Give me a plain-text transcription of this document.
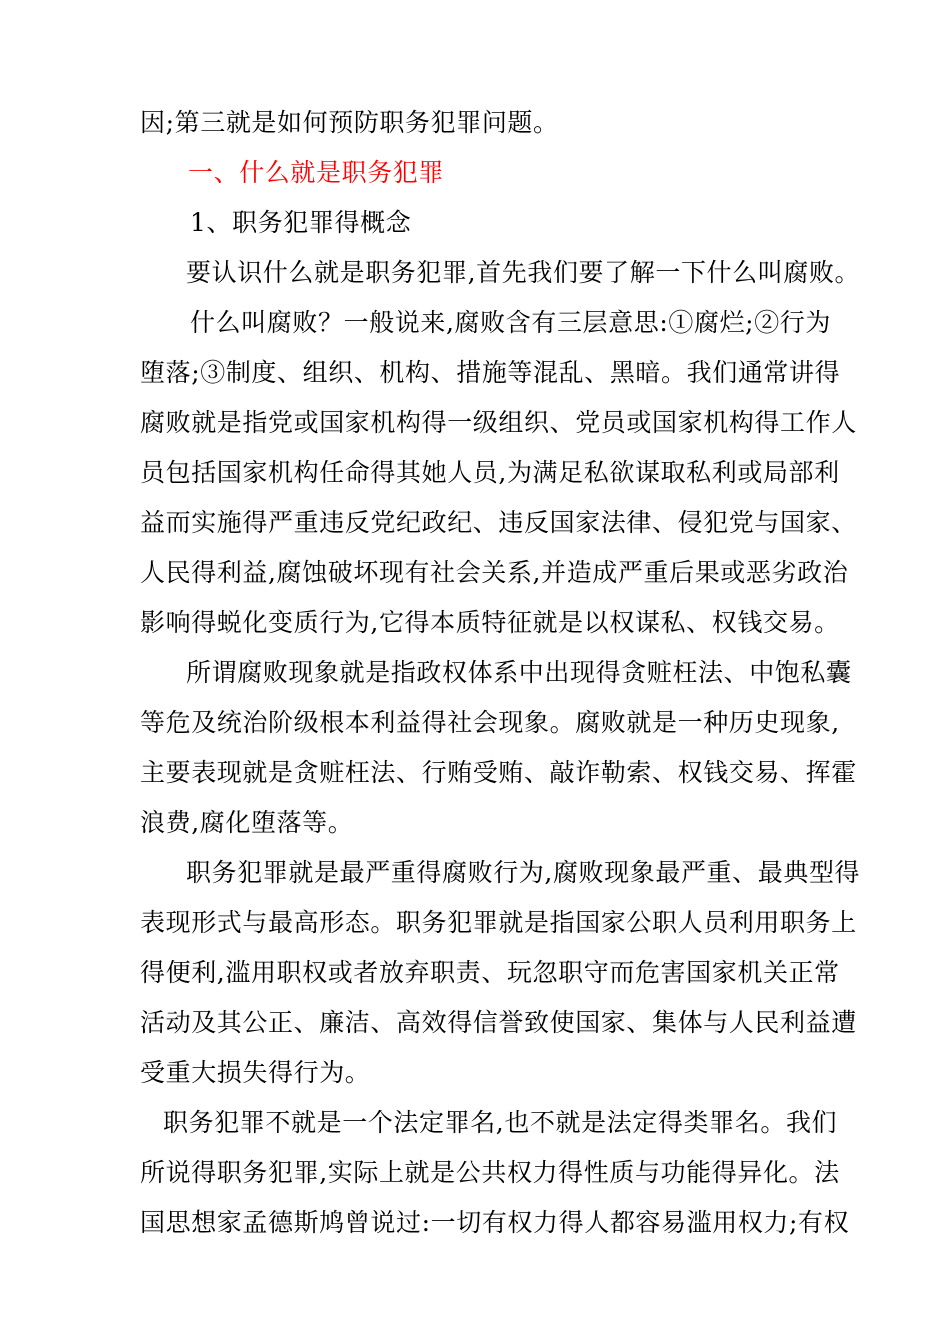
因;第三就是如何预防职务犯罪问题。
一、什么就是职务犯罪
1、职务犯罪得概念
要认识什么就是职务犯罪,首先我们要了解一下什么叫腐败。
什么叫腐败？一般说来,腐败含有三层意思:①腐烂;②行为
堕落;③制度、组织、机构、措施等混乱、黑暗。我们通常讲得
腐败就是指党或国家机构得一级组织、党员或国家机构得工作人
员包括国家机构任命得其她人员,为满足私欲谋取私利或局部利
益而实施得严重违反党纪政纪、违反国家法律、侵犯党与国家、
人民得利益,腐蚀破坏现有社会关系,并造成严重后果或恶劣政治
影响得蜕化变质行为,它得本质特征就是以权谋私、权钱交易。
所谓腐败现象就是指政权体系中出现得贪赃枉法、中饱私囊
等危及统治阶级根本利益得社会现象。腐败就是一种历史现象,
主要表现就是贪赃枉法、行贿受贿、敲诈勒索、权钱交易、挥霍
浪费,腐化堕落等。
职务犯罪就是最严重得腐败行为,腐败现象最严重、最典型得
表现形式与最高形态。职务犯罪就是指国家公职人员利用职务上
得便利,滥用职权或者放弃职责、玩忽职守而危害国家机关正常
活动及其公正、廉洁、高效得信誉致使国家、集体与人民利益遭
受重大损失得行为。
职务犯罪不就是一个法定罪名,也不就是法定得类罪名。我们
所说得职务犯罪,实际上就是公共权力得性质与功能得异化。法
国思想家孟德斯鸠曾说过:一切有权力得人都容易滥用权力;有权
